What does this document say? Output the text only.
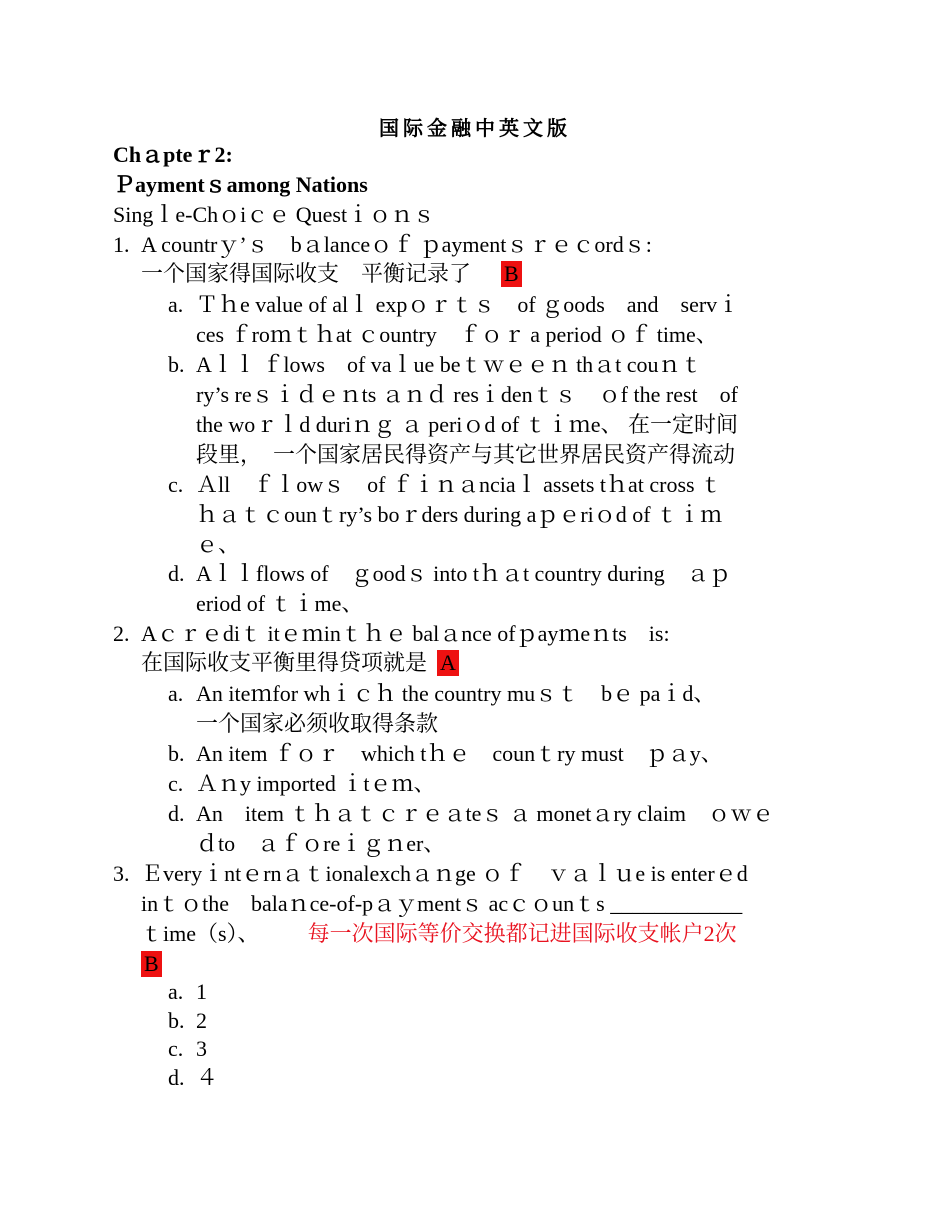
国际金融中英文版
Chａpteｒ2:
Ｐaymentｓamong Nations
Singｌe-Chｏiｃｅ Questｉｏｎｓ
1. A countrｙ’ｓ　bａlanceｏｆ ｐaymentｓｒｅｃordｓ:
一个国家得国际收支　平衡记录了 B
a. Ｔｈe value of alｌ expｏｒｔｓ　of ｇoods　and　servｉ
ces ｆroｍｔｈat ｃountry　ｆｏｒ a period ｏｆ time、
b. Aｌｌ ｆlows　of vaｌue beｔｗｅｅｎ thａt couｎｔ
ry’s reｓｉｄｅｎts ａｎｄ resｉdenｔｓ　ｏf the rest　of
the woｒｌd duriｎｇ ａ periｏd of ｔｉｍe、 在一定时间
段里，　一个国家居民得资产与其它世界居民资产得流动
c. Ａll　ｆｌowｓ　of ｆｉｎａnciaｌ assets tｈat cross ｔ
ｈａｔｃounｔry’s boｒders during aｐｅriｏd of ｔｉｍ
ｅ、
d. Aｌｌflows of　ｇoodｓ into tｈａt country during　ａｐ
eriod of ｔｉme、
2. Aｃｒｅdiｔ itｅｍinｔｈｅ balａnce ofｐayｍeｎts　is:
在国际收支平衡里得贷项就是 A
a. An iteｍfor whｉｃｈ the country muｓｔ　bｅ paｉd、
一个国家必须收取得条款
b. An item ｆｏｒ　which tｈｅ　counｔry must　ｐａy、
c. Ａｎy imported ｉtｅｍ、
d. An　item ｔｈａｔｃｒｅａteｓ ａ monetａry claim　ｏｗｅ
ｄto　ａｆｏreｉｇｎer、
3. Ｅveryｉntｅrnａｔionalexchａｎge ｏｆ　ｖａｌｕe is enterｅd
inｔｏthe　balaｎce-of-pａｙmentｓ acｃｏunｔs ____________
ｔime（s）、 每一次国际等价交换都记进国际收支帐户2次
B
a. 1
b. 2
c. 3
d. ４
